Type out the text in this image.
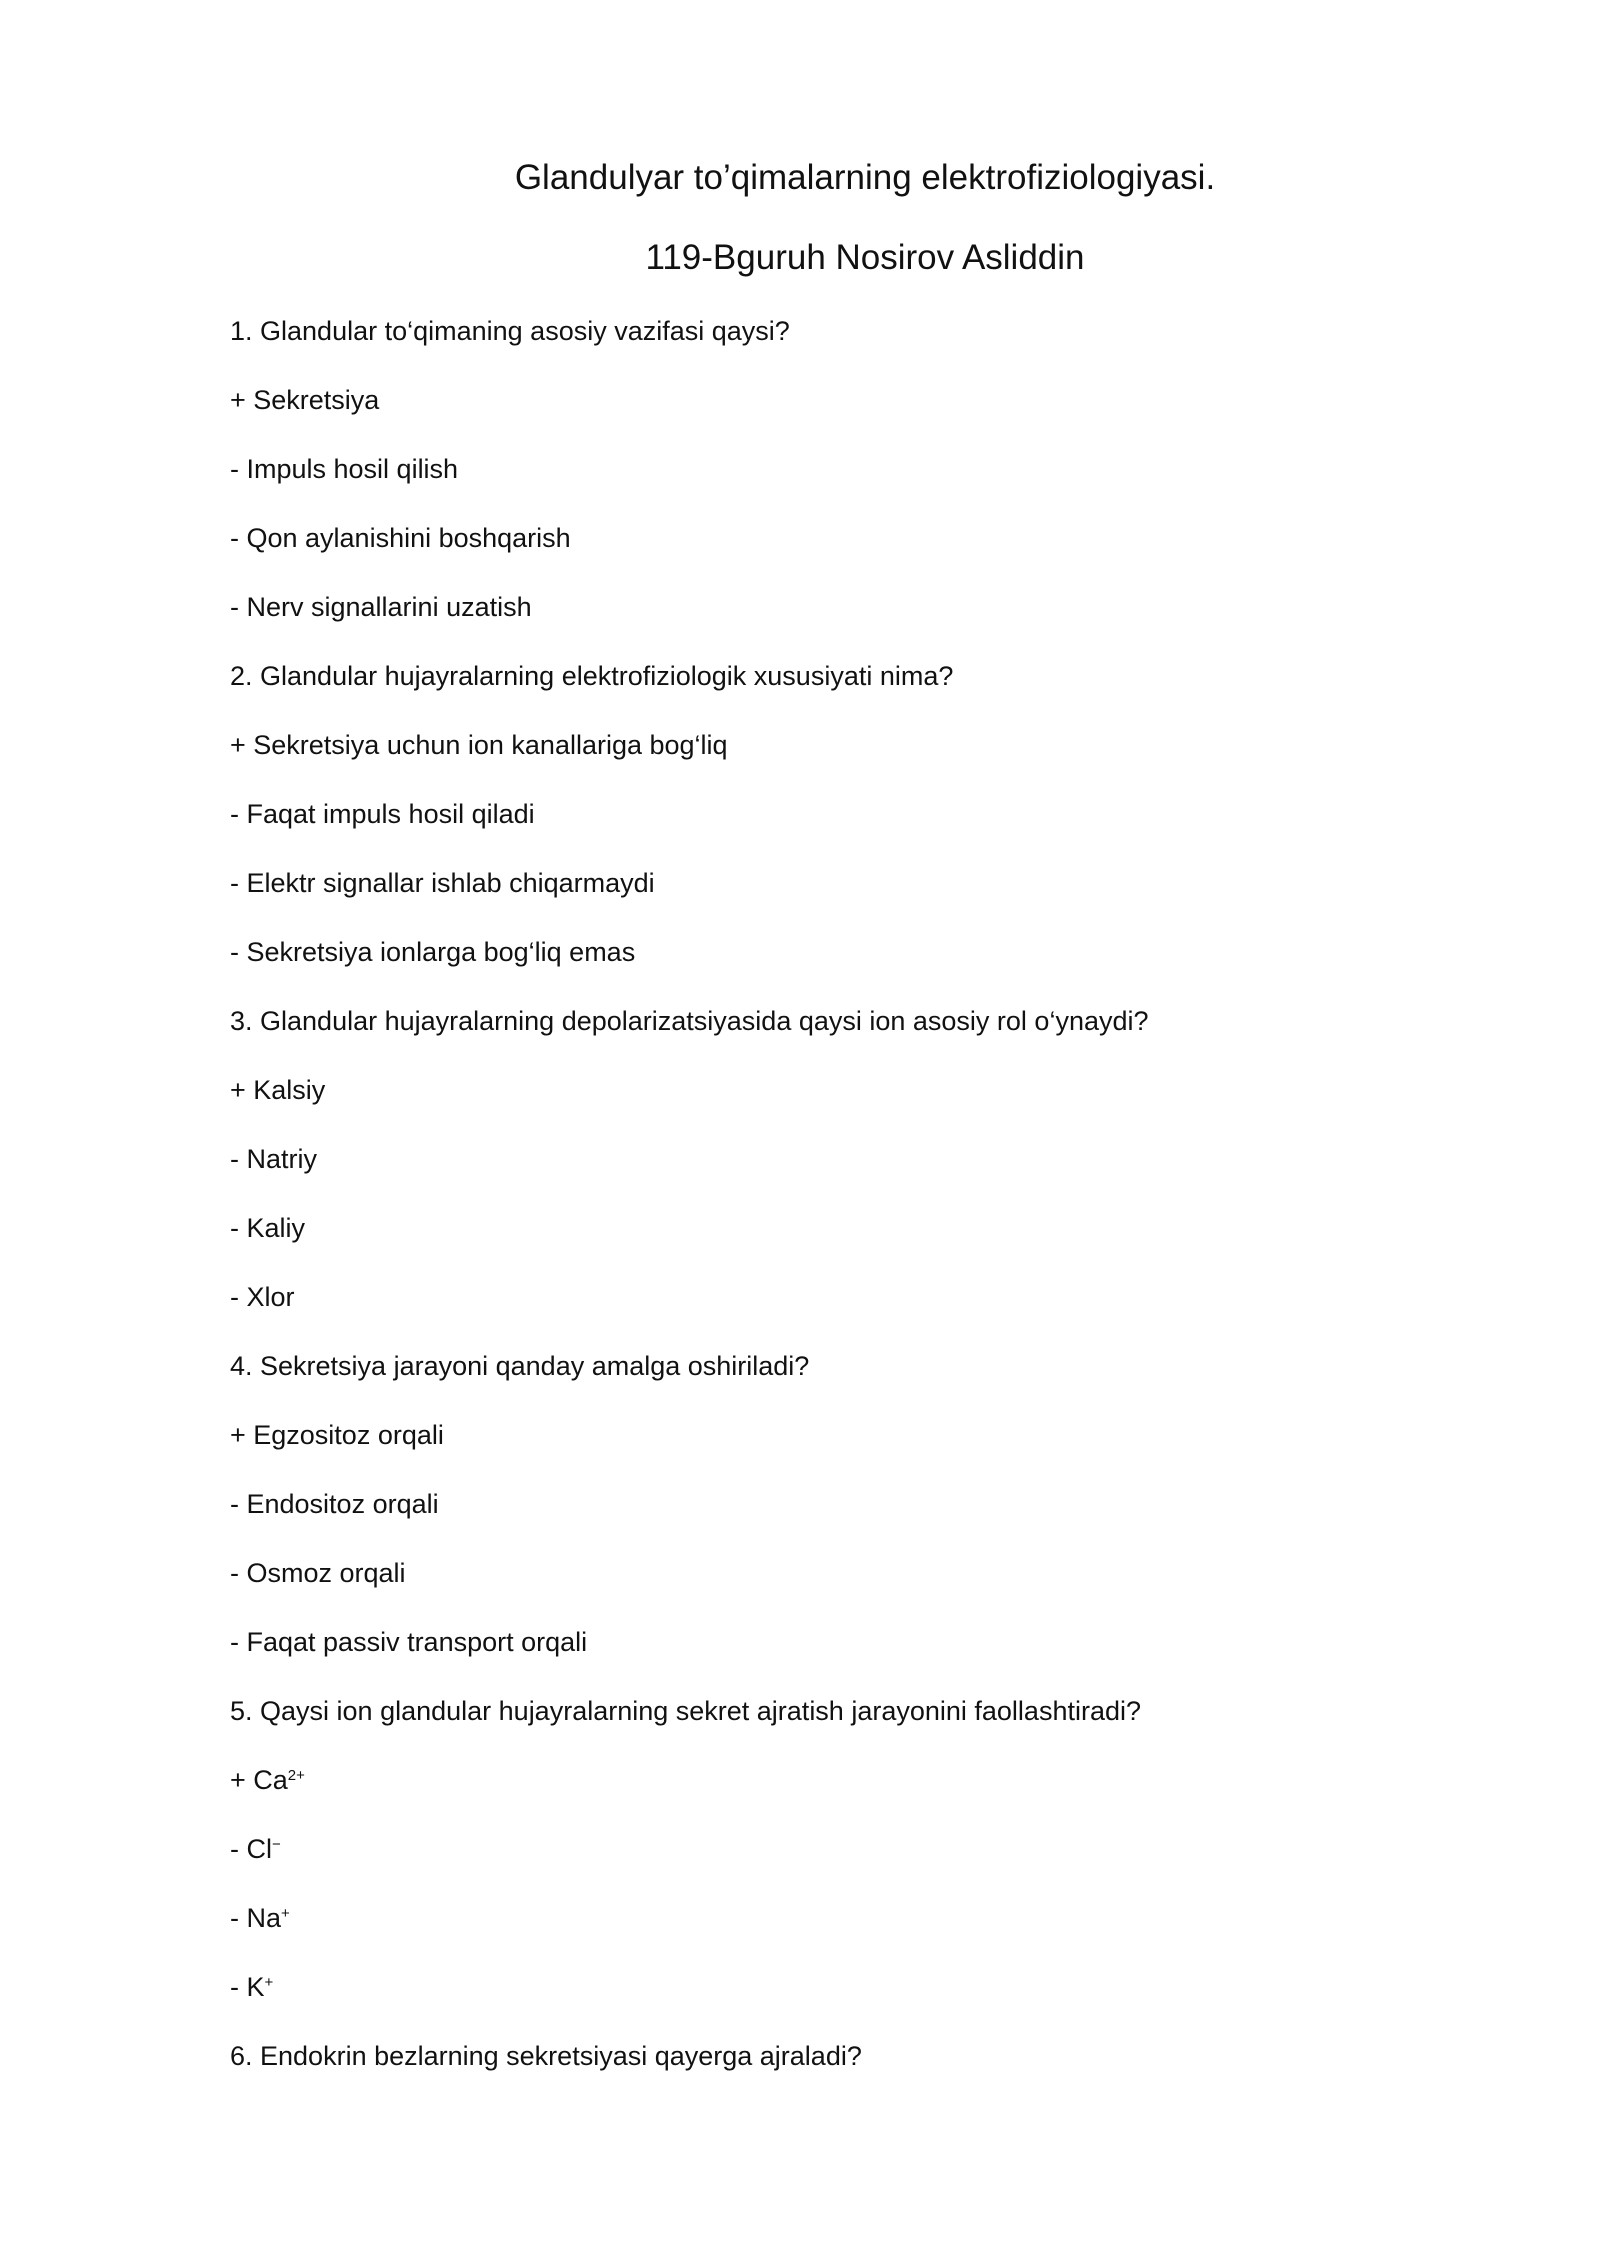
Glandulyar to’qimalarning elektrofiziologiyasi.
119-Bguruh Nosirov Asliddin
1. Glandular to‘qimaning asosiy vazifasi qaysi?
+ Sekretsiya
- Impuls hosil qilish
- Qon aylanishini boshqarish
- Nerv signallarini uzatish
2. Glandular hujayralarning elektrofiziologik xususiyati nima?
+ Sekretsiya uchun ion kanallariga bog‘liq
- Faqat impuls hosil qiladi
- Elektr signallar ishlab chiqarmaydi
- Sekretsiya ionlarga bog‘liq emas
3. Glandular hujayralarning depolarizatsiyasida qaysi ion asosiy rol o‘ynaydi?
+ Kalsiy
- Natriy
- Kaliy
- Xlor
4. Sekretsiya jarayoni qanday amalga oshiriladi?
+ Egzositoz orqali
- Endositoz orqali
- Osmoz orqali
- Faqat passiv transport orqali
5. Qaysi ion glandular hujayralarning sekret ajratish jarayonini faollashtiradi?
+ $Ca^{2+}$
- Cl−
- Na+
- K+
6. Endokrin bezlarning sekretsiyasi qayerga ajraladi?
